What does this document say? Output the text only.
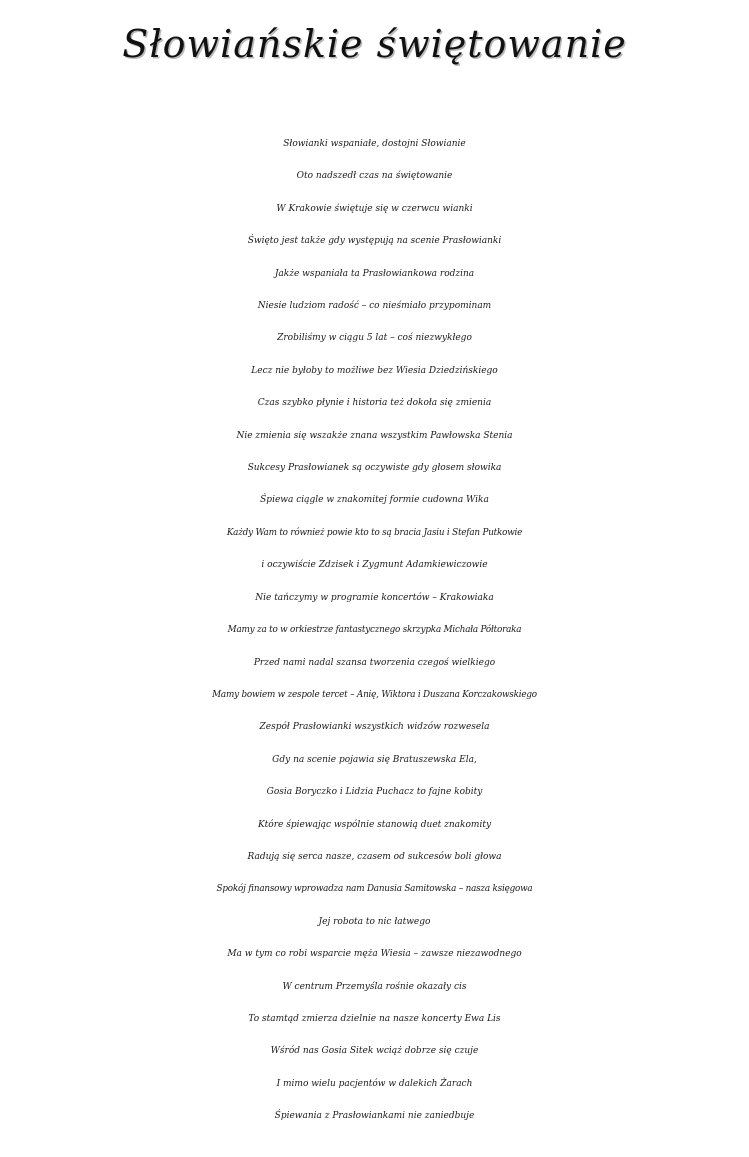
Słowiańskie świętowanie
Słowianki wspaniałe, dostojni Słowianie
Oto nadszedł czas na świętowanie
W Krakowie świętuje się w czerwcu wianki
Święto jest także gdy występują na scenie Prasłowianki
Jakże wspaniała ta Prasłowiankowa rodzina
Niesie ludziom radość – co nieśmiało przypominam
Zrobiliśmy w ciągu 5 lat – coś niezwykłego
Lecz nie byłoby to możliwe bez Wiesia Dziedzińskiego
Czas szybko płynie i historia też dokoła się zmienia
Nie zmienia się wszakże znana wszystkim Pawłowska Stenia
Sukcesy Prasłowianek są oczywiste gdy głosem słowika
Śpiewa ciągle w znakomitej formie cudowna Wika
Każdy Wam to również powie kto to są bracia Jasiu i Stefan Putkowie
i oczywiście Zdzisek i Zygmunt Adamkiewiczowie
Nie tańczymy w programie koncertów – Krakowiaka
Mamy za to w orkiestrze fantastycznego skrzypka Michała Półtoraka
Przed nami nadal szansa tworzenia czegoś wielkiego
Mamy bowiem w zespole tercet – Anię, Wiktora i Duszana Korczakowskiego
Zespół Prasłowianki wszystkich widzów rozwesela
Gdy na scenie pojawia się Bratuszewska Ela,
Gosia Boryczko i Lidzia Puchacz to fajne kobity
Które śpiewając wspólnie stanowią duet znakomity
Radują się serca nasze, czasem od sukcesów boli głowa
Spokój finansowy wprowadza nam Danusia Samitowska – nasza księgowa
Jej robota to nic łatwego
Ma w tym co robi wsparcie męża Wiesia – zawsze niezawodnego
W centrum Przemyśla rośnie okazały cis
To stamtąd zmierza dzielnie na nasze koncerty Ewa Lis
Wśród nas Gosia Sitek wciąż dobrze się czuje
I mimo wielu pacjentów w dalekich Żarach
Śpiewania z Prasłowiankami nie zaniedbuje
